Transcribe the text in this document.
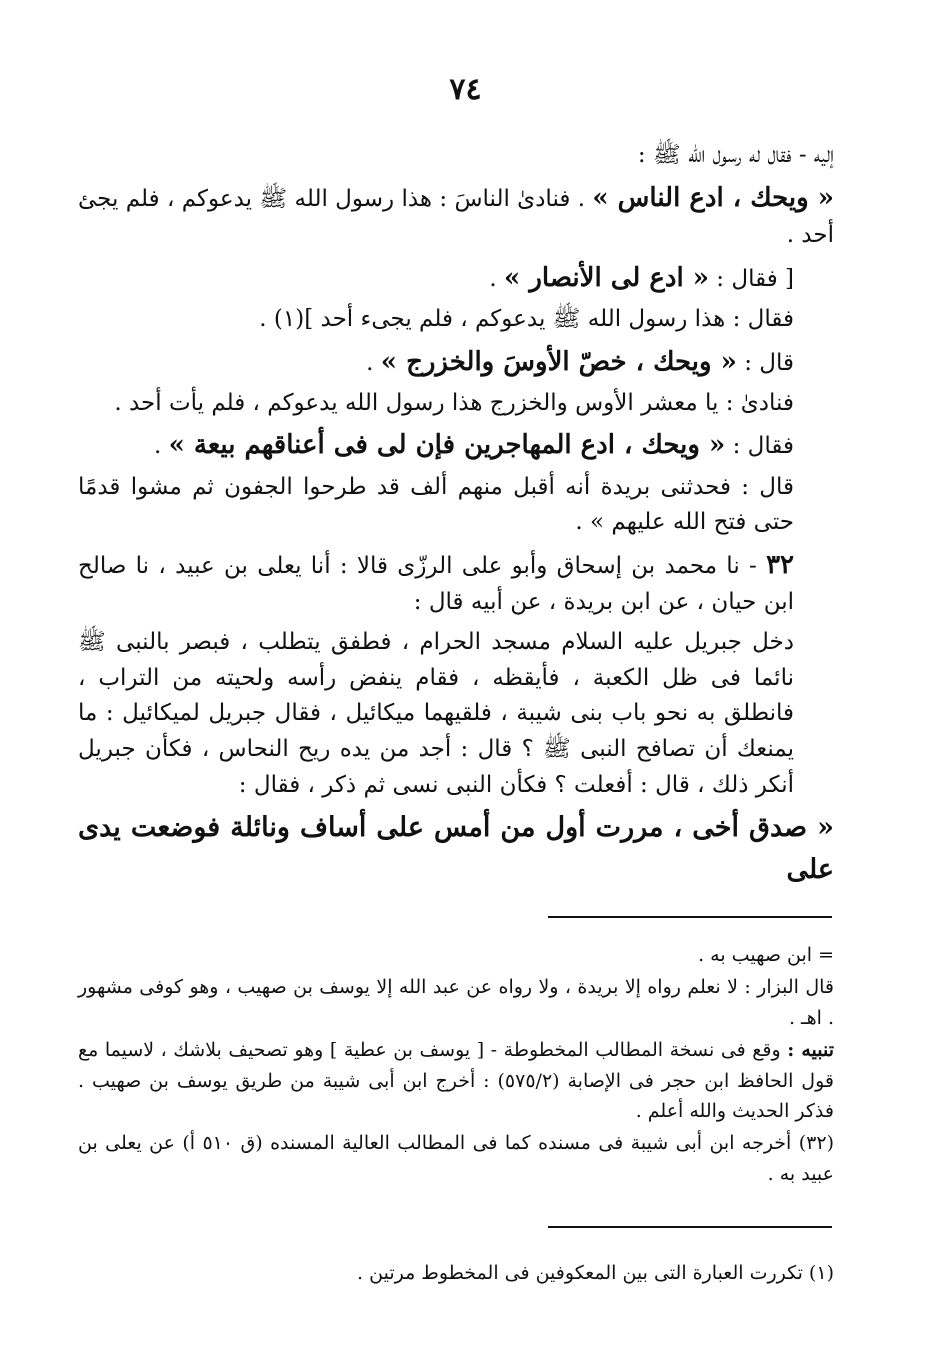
٧٤

إليه - فقال له رسول الله ﷺ :

« ويحك ، ادع الناس » . فنادىٰ الناسَ : هذا رسول الله ﷺ يدعوكم ، فلم يجئ أحد .

[ فقال : « ادع لى الأنصار » .

فقال : هذا رسول الله ﷺ يدعوكم ، فلم يجىء أحد ](١) .

قال : « ويحك ، خصّ الأوسَ والخزرج » .

فنادىٰ : يا معشر الأوس والخزرج هذا رسول الله يدعوكم ، فلم يأت أحد .

فقال : « ويحك ، ادع المهاجرين فإن لى فى أعناقهم بيعة » .

قال : فحدثنى بريدة أنه أقبل منهم ألف قد طرحوا الجفون ثم مشوا قدمًا حتى فتح الله عليهم » .

٣٢ - نا محمد بن إسحاق وأبو على الرزّى قالا : أنا يعلى بن عبيد ، نا صالح ابن حيان ، عن ابن بريدة ، عن أبيه قال :

دخل جبريل عليه السلام مسجد الحرام ، فطفق يتطلب ، فبصر بالنبى ﷺ نائما فى ظل الكعبة ، فأيقظه ، فقام ينفض رأسه ولحيته من التراب ، فانطلق به نحو باب بنى شيبة ، فلقيهما ميكائيل ، فقال جبريل لميكائيل : ما يمنعك أن تصافح النبى ﷺ ؟ قال : أجد من يده ريح النحاس ، فكأن جبريل أنكر ذلك ، قال : أفعلت ؟ فكأن النبى نسى ثم ذكر ، فقال :

« صدق أخى ، مررت أول من أمس على أساف ونائلة فوضعت يدى على

= ابن صهيب به .

قال البزار : لا نعلم رواه إلا بريدة ، ولا رواه عن عبد الله إلا يوسف بن صهيب ، وهو كوفى مشهور . اهـ .

تنبيه : وقع فى نسخة المطالب المخطوطة - [ يوسف بن عطية ] وهو تصحيف بلاشك ، لاسيما مع قول الحافظ ابن حجر فى الإصابة (٥٧٥/٢) : أخرج ابن أبى شيبة من طريق يوسف بن صهيب . فذكر الحديث والله أعلم .

(٣٢) أخرجه ابن أبى شيبة فى مسنده كما فى المطالب العالية المسنده (ق ٥١٠ أ) عن يعلى بن عبيد به .

(١) تكررت العبارة التى بين المعكوفين فى المخطوط مرتين .
